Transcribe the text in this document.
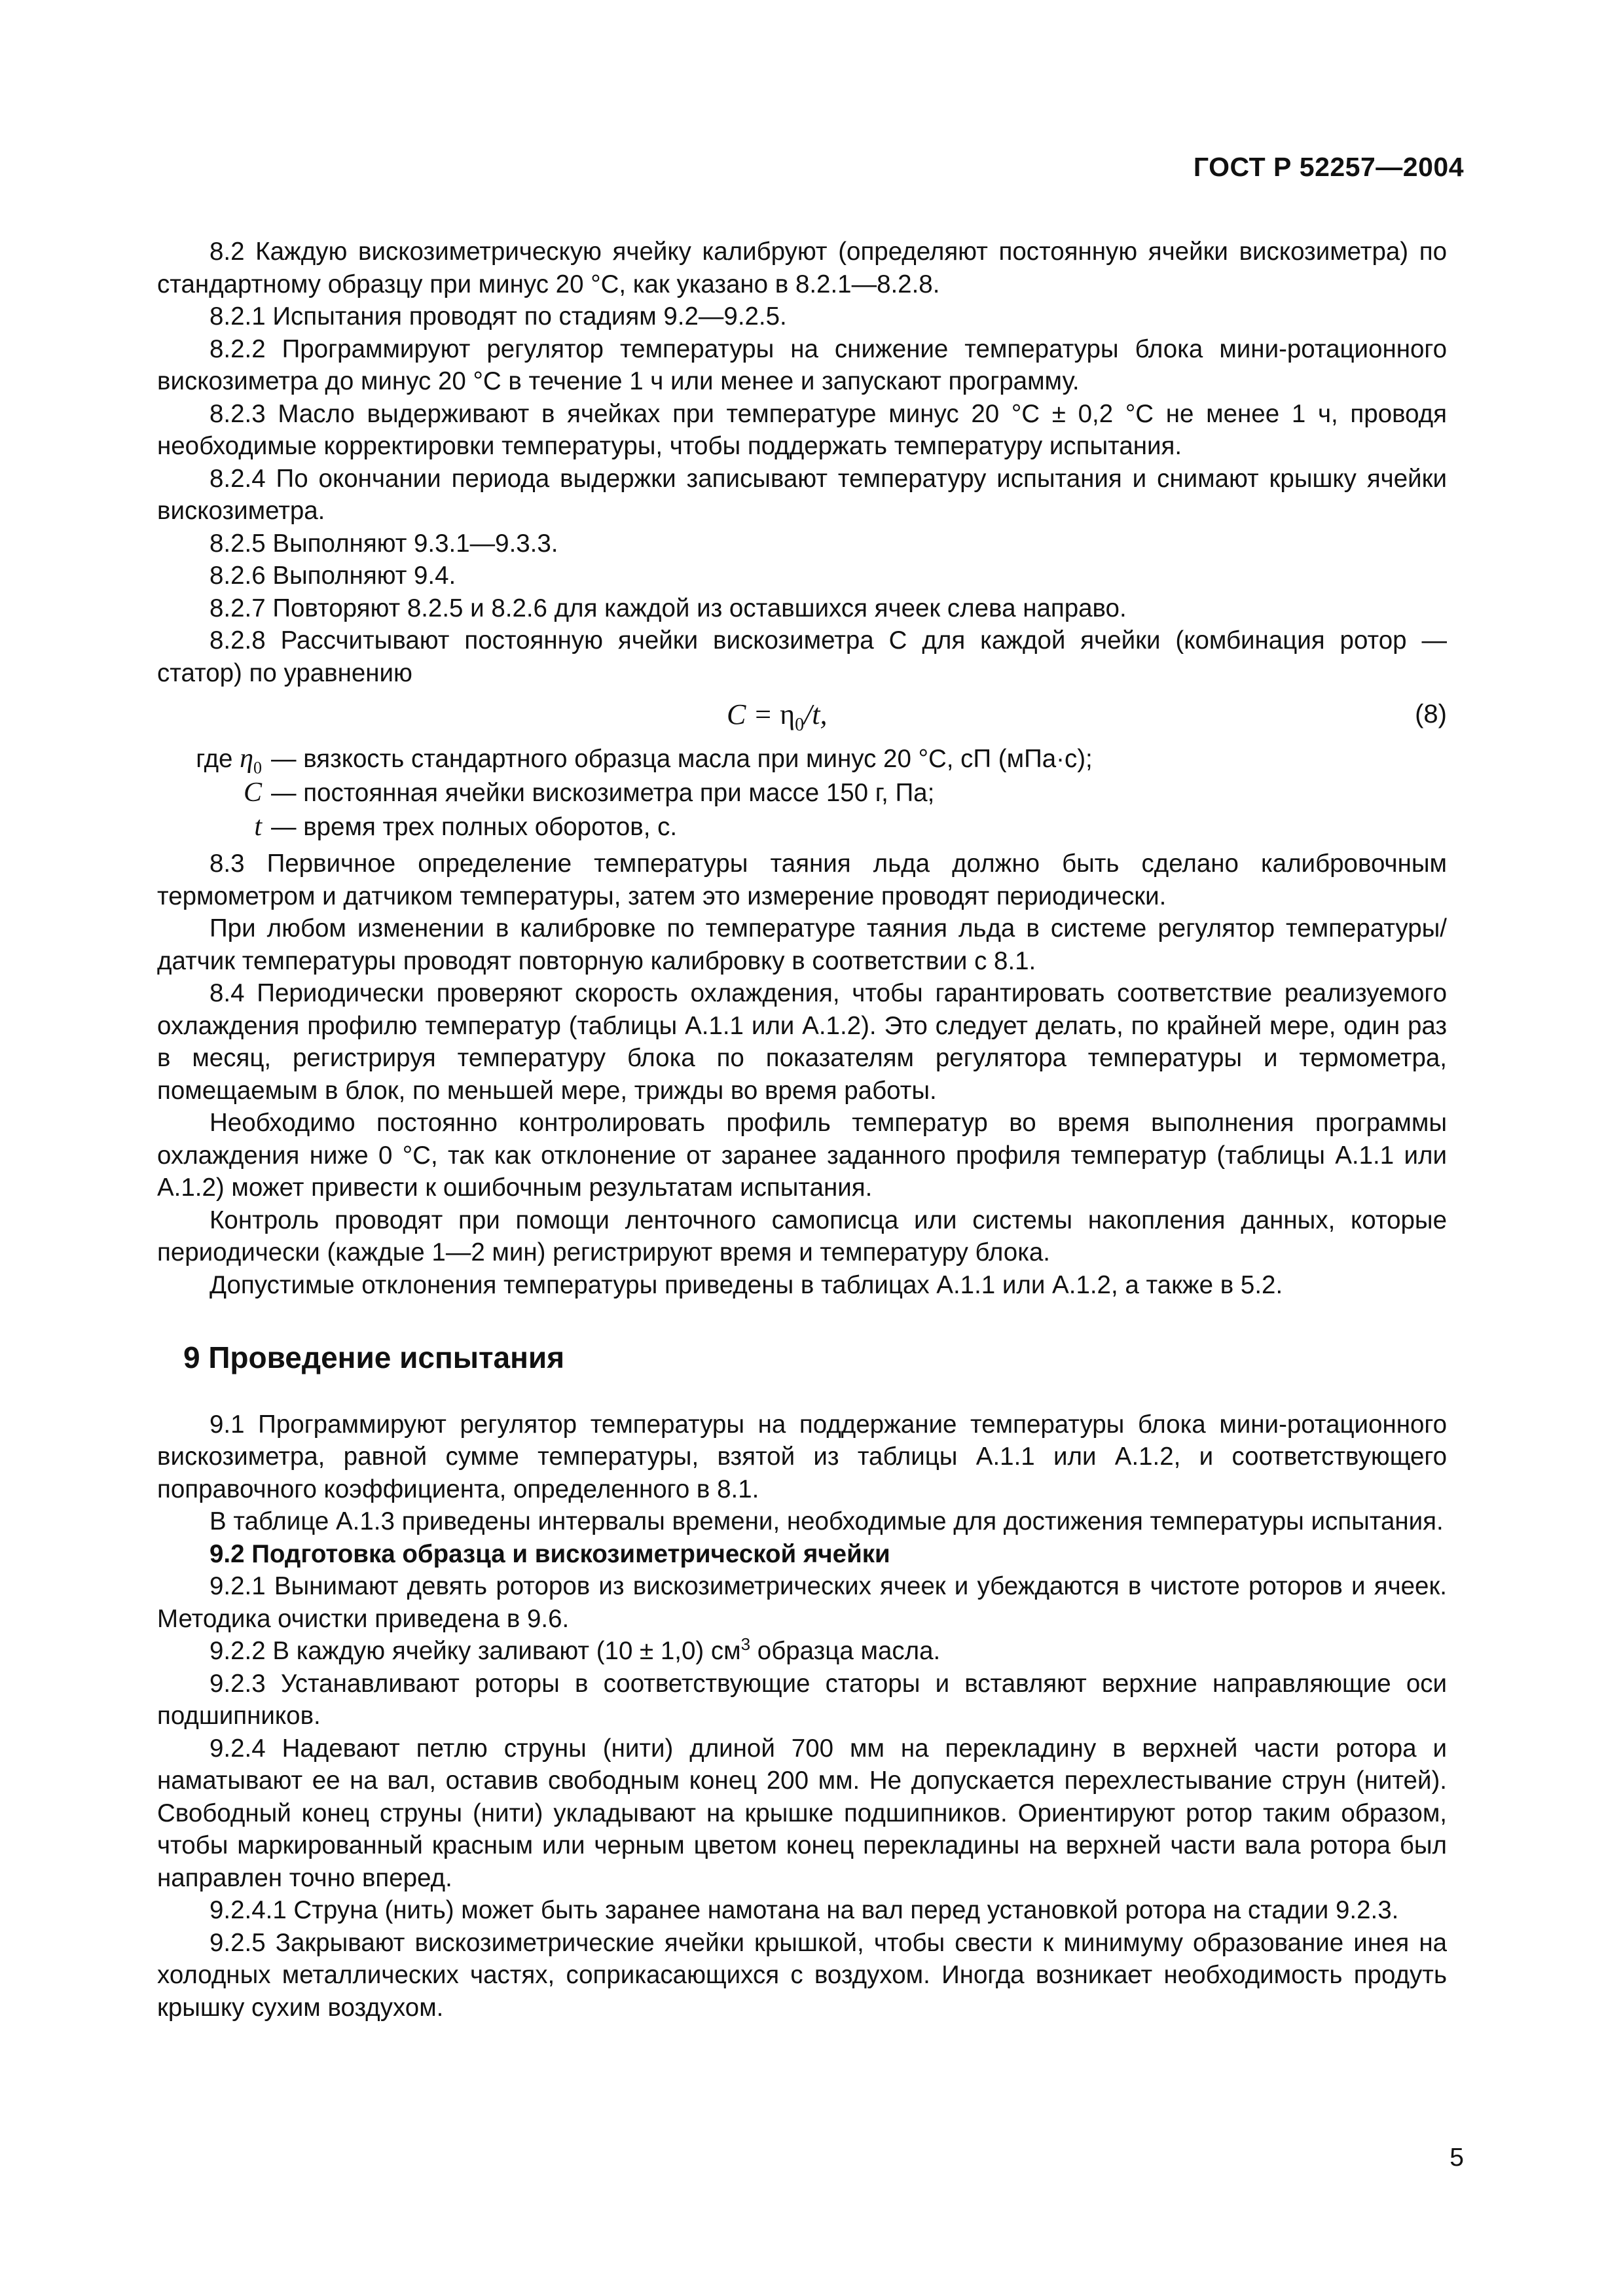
ГОСТ Р 52257—2004

8.2 Каждую вискозиметрическую ячейку калибруют (определяют постоянную ячейки вискозиметра) по стандартному образцу при минус 20 °C, как указано в 8.2.1—8.2.8.

8.2.1 Испытания проводят по стадиям 9.2—9.2.5.

8.2.2 Программируют регулятор температуры на снижение температуры блока мини-ротационного вискозиметра до минус 20 °C в течение 1 ч или менее и запускают программу.

8.2.3 Масло выдерживают в ячейках при температуре минус 20 °C ± 0,2 °C не менее 1 ч, проводя необходимые корректировки температуры, чтобы поддержать температуру испытания.

8.2.4 По окончании периода выдержки записывают температуру испытания и снимают крышку ячейки вискозиметра.

8.2.5 Выполняют 9.3.1—9.3.3.

8.2.6 Выполняют 9.4.

8.2.7 Повторяют 8.2.5 и 8.2.6 для каждой из оставшихся ячеек слева направо.

8.2.8 Рассчитывают постоянную ячейки вискозиметра C для каждой ячейки (комбинация ротор — статор) по уравнению

$C = \eta_0/t$,	(8)
где $\eta_0$ — вязкость стандартного образца масла при минус 20 °C, сП (мПа·с);
C — постоянная ячейки вискозиметра при массе 150 г, Па;
t — время трех полных оборотов, с.

8.3 Первичное определение температуры таяния льда должно быть сделано калибровочным термометром и датчиком температуры, затем это измерение проводят периодически.

При любом изменении в калибровке по температуре таяния льда в системе регулятор температуры/датчик температуры проводят повторную калибровку в соответствии с 8.1.

8.4 Периодически проверяют скорость охлаждения, чтобы гарантировать соответствие реализуемого охлаждения профилю температур (таблицы А.1.1 или А.1.2). Это следует делать, по крайней мере, один раз в месяц, регистрируя температуру блока по показателям регулятора температуры и термометра, помещаемым в блок, по меньшей мере, трижды во время работы.

Необходимо постоянно контролировать профиль температур во время выполнения программы охлаждения ниже 0 °C, так как отклонение от заранее заданного профиля температур (таблицы А.1.1 или А.1.2) может привести к ошибочным результатам испытания.

Контроль проводят при помощи ленточного самописца или системы накопления данных, которые периодически (каждые 1—2 мин) регистрируют время и температуру блока.

Допустимые отклонения температуры приведены в таблицах А.1.1 или А.1.2, а также в 5.2.

9 Проведение испытания

9.1 Программируют регулятор температуры на поддержание температуры блока мини-ротационного вискозиметра, равной сумме температуры, взятой из таблицы А.1.1 или А.1.2, и соответствующего поправочного коэффициента, определенного в 8.1.

В таблице А.1.3 приведены интервалы времени, необходимые для достижения температуры испытания.

9.2 Подготовка образца и вискозиметрической ячейки

9.2.1 Вынимают девять роторов из вискозиметрических ячеек и убеждаются в чистоте роторов и ячеек. Методика очистки приведена в 9.6.

9.2.2 В каждую ячейку заливают (10 ± 1,0) $см^3$ образца масла.

9.2.3 Устанавливают роторы в соответствующие статоры и вставляют верхние направляющие оси подшипников.

9.2.4 Надевают петлю струны (нити) длиной 700 мм на перекладину в верхней части ротора и наматывают ее на вал, оставив свободным конец 200 мм. Не допускается перехлестывание струн (нитей). Свободный конец струны (нити) укладывают на крышке подшипников. Ориентируют ротор таким образом, чтобы маркированный красным или черным цветом конец перекладины на верхней части вала ротора был направлен точно вперед.

9.2.4.1 Струна (нить) может быть заранее намотана на вал перед установкой ротора на стадии 9.2.3.

9.2.5 Закрывают вискозиметрические ячейки крышкой, чтобы свести к минимуму образование инея на холодных металлических частях, соприкасающихся с воздухом. Иногда возникает необходимость продуть крышку сухим воздухом.

5
